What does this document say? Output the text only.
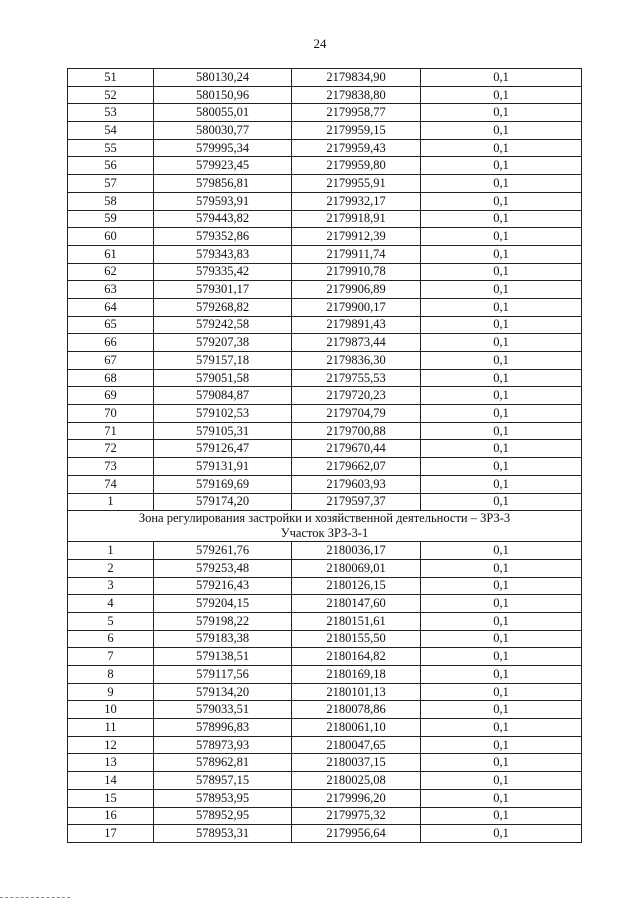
24
51	580130,24	2179834,90	0,1
52	580150,96	2179838,80	0,1
53	580055,01	2179958,77	0,1
54	580030,77	2179959,15	0,1
55	579995,34	2179959,43	0,1
56	579923,45	2179959,80	0,1
57	579856,81	2179955,91	0,1
58	579593,91	2179932,17	0,1
59	579443,82	2179918,91	0,1
60	579352,86	2179912,39	0,1
61	579343,83	2179911,74	0,1
62	579335,42	2179910,78	0,1
63	579301,17	2179906,89	0,1
64	579268,82	2179900,17	0,1
65	579242,58	2179891,43	0,1
66	579207,38	2179873,44	0,1
67	579157,18	2179836,30	0,1
68	579051,58	2179755,53	0,1
69	579084,87	2179720,23	0,1
70	579102,53	2179704,79	0,1
71	579105,31	2179700,88	0,1
72	579126,47	2179670,44	0,1
73	579131,91	2179662,07	0,1
74	579169,69	2179603,93	0,1
1	579174,20	2179597,37	0,1

Зона регулирования застройки и хозяйственной деятельности – ЗРЗ-3
Участок ЗРЗ-3-1			

1	579261,76	2180036,17	0,1
2	579253,48	2180069,01	0,1
3	579216,43	2180126,15	0,1
4	579204,15	2180147,60	0,1
5	579198,22	2180151,61	0,1
6	579183,38	2180155,50	0,1
7	579138,51	2180164,82	0,1
8	579117,56	2180169,18	0,1
9	579134,20	2180101,13	0,1
10	579033,51	2180078,86	0,1
11	578996,83	2180061,10	0,1
12	578973,93	2180047,65	0,1
13	578962,81	2180037,15	0,1
14	578957,15	2180025,08	0,1
15	578953,95	2179996,20	0,1
16	578952,95	2179975,32	0,1
17	578953,31	2179956,64	0,1
